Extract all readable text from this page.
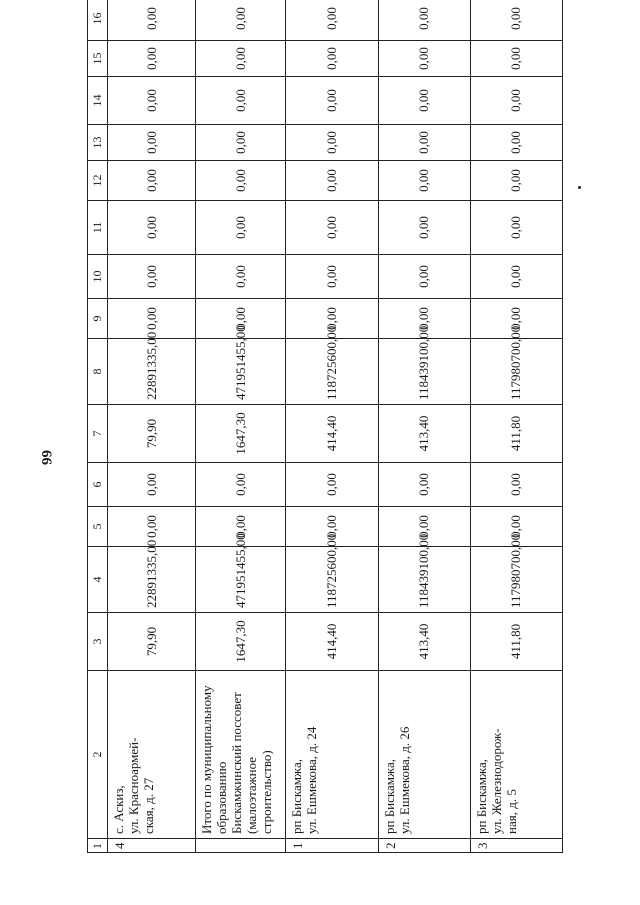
66
1	2	3	4	5	6	7	8	9	10	11	12	13	14	15	16
4	с. Аскиз,
ул. Красноармей-
ская, д. 27	79,90	22891335,00	0,00	0,00	79,90	22891335,00	0,00	0,00	0,00	0,00	0,00	0,00	0,00	0,00
	Итого по муниципальному
образованию
Бискамжинский поссовет
(малоэтажное
строительство)	1647,30	471951455,00	0,00	0,00	1647,30	471951455,00	0,00	0,00	0,00	0,00	0,00	0,00	0,00	0,00
1	рп Бискамжа,
ул. Ешмекова, д. 24	414,40	118725600,00	0,00	0,00	414,40	118725600,00	0,00	0,00	0,00	0,00	0,00	0,00	0,00	0,00
2	рп Бискамжа,
ул. Ешмекова, д. 26	413,40	118439100,00	0,00	0,00	413,40	118439100,00	0,00	0,00	0,00	0,00	0,00	0,00	0,00	0,00
3	рп Бискамжа,
ул. Железнодорож-
ная, д. 5	411,80	117980700,00	0,00	0,00	411,80	117980700,00	0,00	0,00	0,00	0,00	0,00	0,00	0,00	0,00
